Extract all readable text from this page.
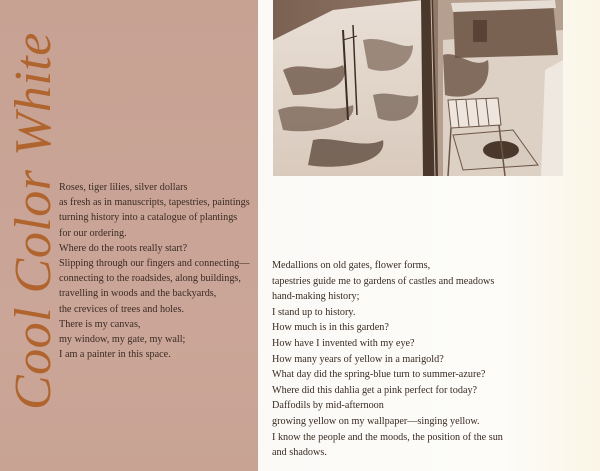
Cool Color White
Roses, tiger lilies, silver dollars
as fresh as in manuscripts, tapestries, paintings
turning history into a catalogue of plantings
for our ordering.
Where do the roots really start?
Slipping through our fingers and connecting—
connecting to the roadsides, along buildings,
travelling in woods and the backyards,
the crevices of trees and holes.
There is my canvas,
my window, my gate, my wall;
I am a painter in this space.
Medallions on old gates, flower forms,
tapestries guide me to gardens of castles and meadows
hand-making history;
I stand up to history.
How much is in this garden?
How have I invented with my eye?
How many years of yellow in a marigold?
What day did the spring-blue turn to summer-azure?
Where did this dahlia get a pink perfect for today?
Daffodils by mid-afternoon
growing yellow on my wallpaper—singing yellow.
I know the people and the moods, the position of the sun
and shadows.
